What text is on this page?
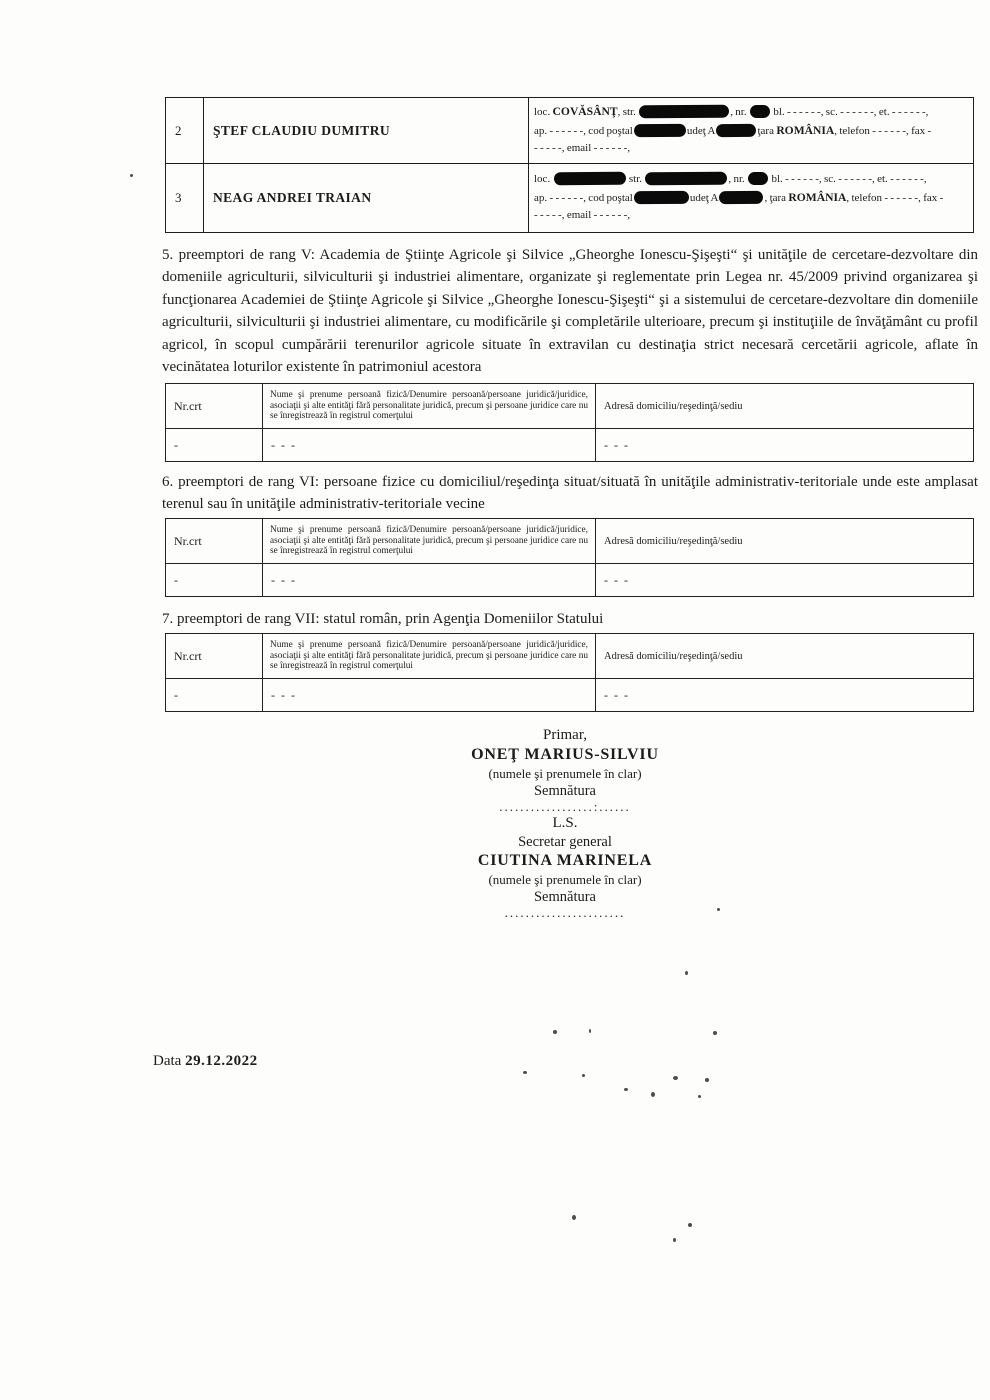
2	ŞTEF CLAUDIU DUMITRU	loc. COVĂSÂNŢ, str. , nr.  bl. - - - - - -, sc. - - - - - -, et. - - - - - -,
ap. - - - - - -, cod poştal udeţ A ţara ROMÂNIA, telefon - - - - - -, fax -
- - - - -, email - - - - - -,
3	NEAG ANDREI TRAIAN	loc. str. , nr.  bl. - - - - - -, sc. - - - - - -, et. - - - - - -,
ap. - - - - - -, cod poştal udeţ A , ţara ROMÂNIA, telefon - - - - - -, fax -
- - - - -, email - - - - - -,

5. preemptori de rang V: Academia de Ştiinţe Agricole şi Silvice „Gheorghe Ionescu-Şişeşti“ şi unităţile de cercetare-dezvoltare din domeniile agriculturii, silviculturii şi industriei alimentare, organizate şi reglementate prin Legea nr. 45/2009 privind organizarea şi funcţionarea Academiei de Ştiinţe Agricole şi Silvice „Gheorghe Ionescu-Şişeşti“ şi a sistemului de cercetare-dezvoltare din domeniile agriculturii, silviculturii şi industriei alimentare, cu modificările şi completările ulterioare, precum şi instituţiile de învăţământ cu profil agricol, în scopul cumpărării terenurilor agricole situate în extravilan cu destinaţia strict necesară cercetării agricole, aflate în vecinătatea loturilor existente în patrimoniul acestora

Nr.crt	Nume şi prenume persoană fizică/Denumire persoană/persoane juridică/juridice, asociaţii şi alte entităţi fără personalitate juridică, precum şi persoane juridice care nu se înregistrează în registrul comerţului	Adresă domiciliu/reşedinţă/sediu
-	- - -	- - -

6. preemptori de rang VI: persoane fizice cu domiciliul/reşedinţa situat/situată în unităţile administrativ-teritoriale unde este amplasat terenul sau în unităţile administrativ-teritoriale vecine

Nr.crt	Nume şi prenume persoană fizică/Denumire persoană/persoane juridică/juridice, asociaţii şi alte entităţi fără personalitate juridică, precum şi persoane juridice care nu se înregistrează în registrul comerţului	Adresă domiciliu/reşedinţă/sediu
-	- - -	- - -

7. preemptori de rang VII: statul român, prin Agenţia Domeniilor Statului

Nr.crt	Nume şi prenume persoană fizică/Denumire persoană/persoane juridică/juridice, asociaţii şi alte entităţi fără personalitate juridică, precum şi persoane juridice care nu se înregistrează în registrul comerţului	Adresă domiciliu/reşedinţă/sediu
-	- - -	- - -
Primar,
ONEŢ MARIUS-SILVIU
(numele şi prenumele în clar)
Semnătura
..................:......
L.S.
Secretar general
CIUTINA MARINELA
(numele şi prenumele în clar)
Semnătura
.......................
Data 29.12.2022
